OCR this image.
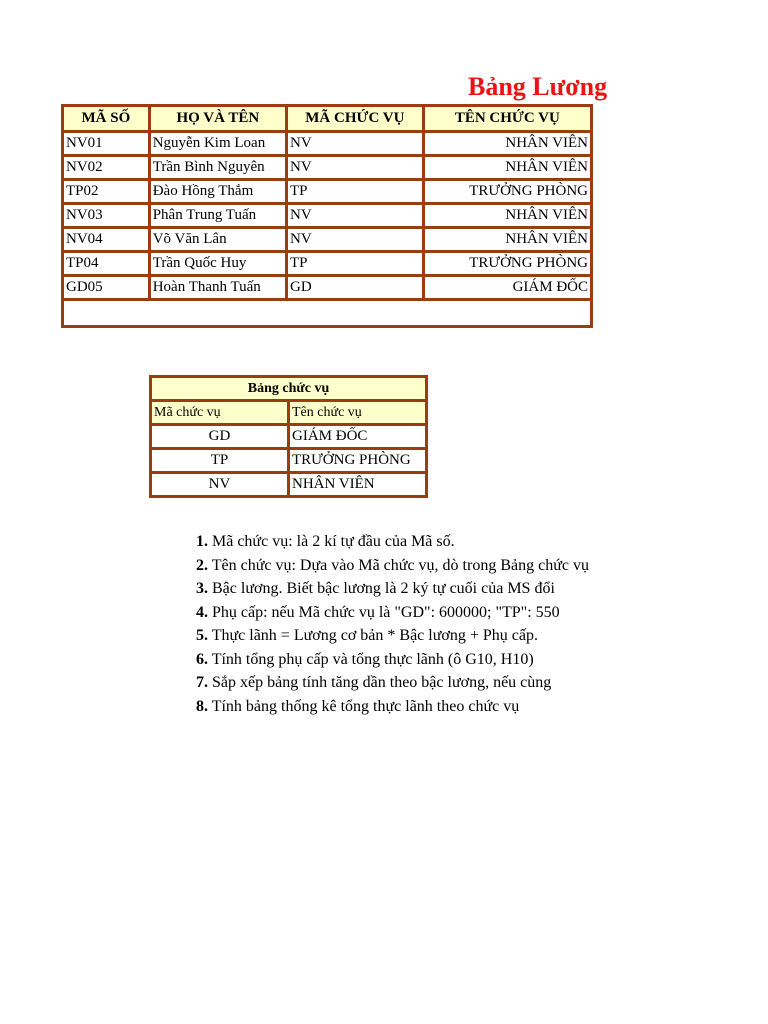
Bảng Lương
MÃ SỐ	HỌ VÀ TÊN	MÃ CHỨC VỤ	TÊN CHỨC VỤ
NV01	Nguyễn Kim Loan	NV	NHÂN VIÊN
NV02	Trần Bình Nguyên	NV	NHÂN VIÊN
TP02	Đào Hồng Thắm	TP	TRƯỞNG PHÒNG
NV03	Phân Trung Tuấn	NV	NHÂN VIÊN
NV04	Võ Văn Lân	NV	NHÂN VIÊN
TP04	Trần Quốc Huy	TP	TRƯỞNG PHÒNG
GD05	Hoàn Thanh Tuấn	GD	GIÁM ĐỐC

Bảng chức vụ	
Mã chức vụ	Tên chức vụ
GD	GIÁM ĐỐC
TP	TRƯỞNG PHÒNG
NV	NHÂN VIÊN
1. Mã chức vụ: là 2 kí tự đầu của Mã số.
2. Tên chức vụ: Dựa vào Mã chức vụ, dò trong Bảng chức vụ
3. Bậc lương. Biết bậc lương là 2 ký tự cuối của MS đổi
4. Phụ cấp: nếu Mã chức vụ là "GD": 600000; "TP": 550
5. Thực lãnh = Lương cơ bản * Bậc lương + Phụ cấp.
6. Tính tổng phụ cấp và tổng thực lãnh (ô G10, H10)
7. Sắp xếp bảng tính tăng dần theo bậc lương, nếu cùng
8. Tính bảng thống kê tổng thực lãnh theo chức vụ
